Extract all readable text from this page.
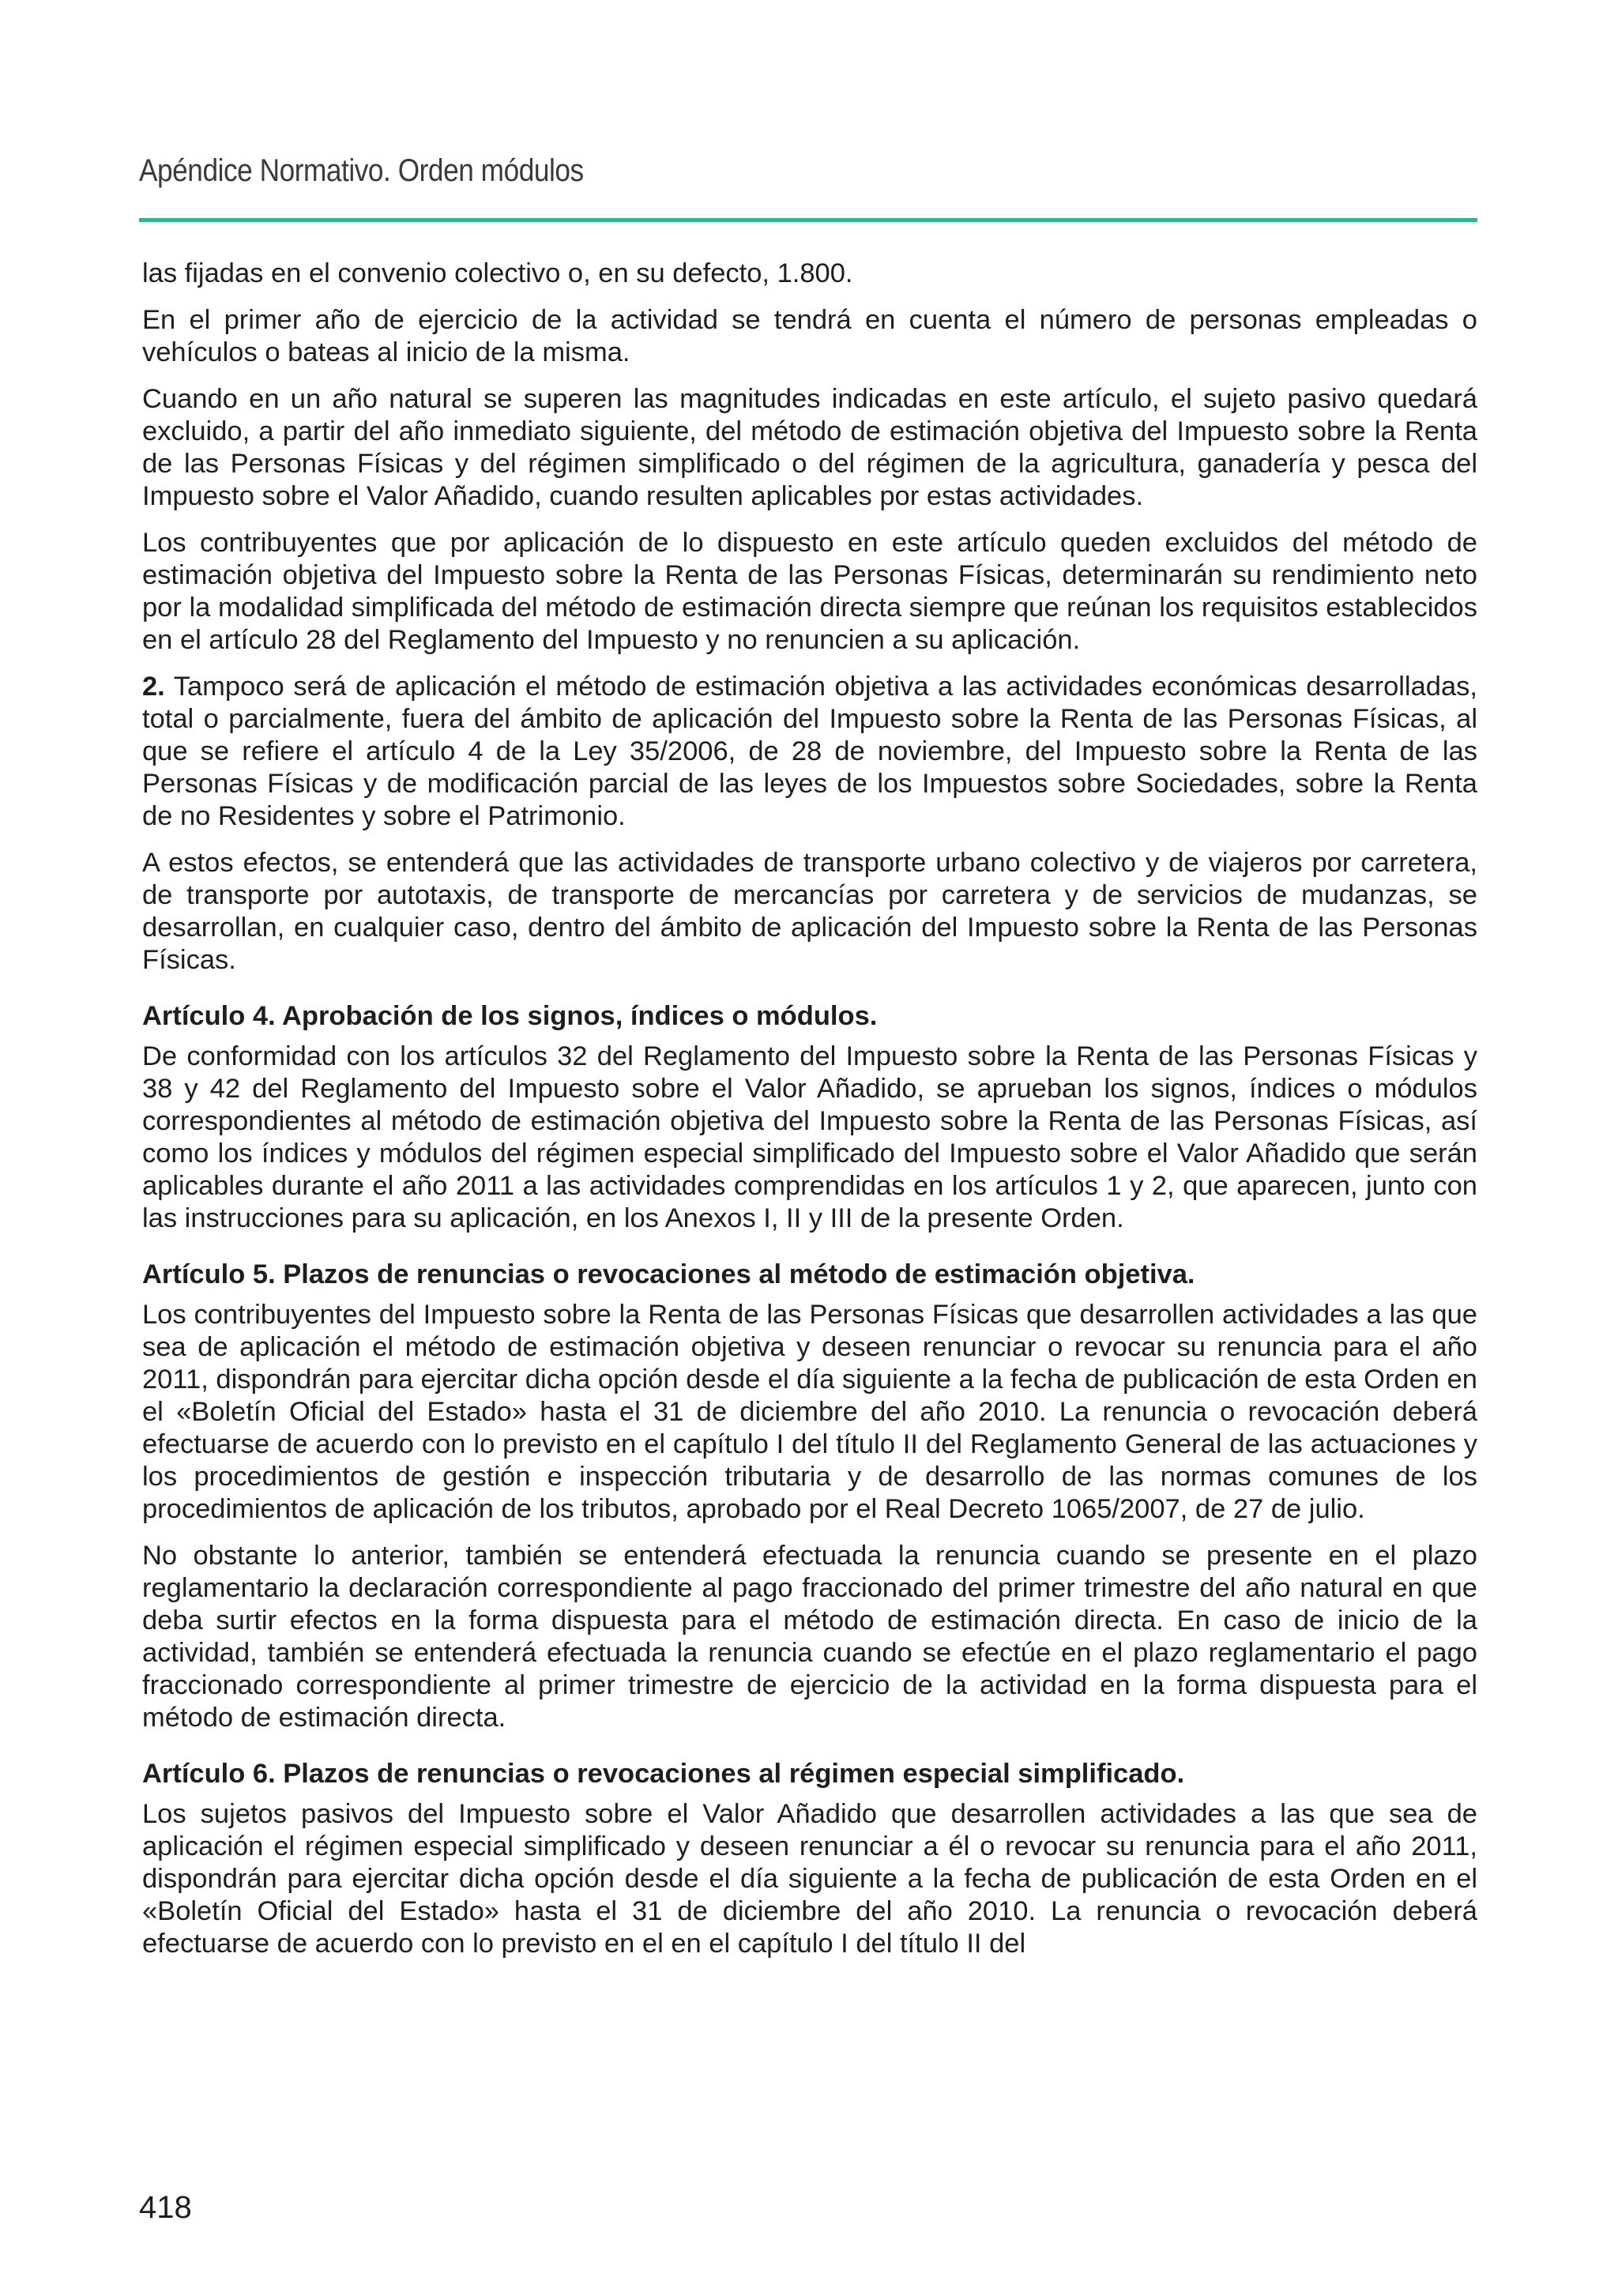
Apéndice Normativo. Orden módulos

las fijadas en el convenio colectivo o, en su defecto, 1.800.

En el primer año de ejercicio de la actividad se tendrá en cuenta el número de personas empleadas o vehículos o bateas al inicio de la misma.

Cuando en un año natural se superen las magnitudes indicadas en este artículo, el sujeto pasivo quedará excluido, a partir del año inmediato siguiente, del método de estimación objetiva del Impuesto sobre la Renta de las Personas Físicas y del régimen simplificado o del régimen de la agricultura, ganadería y pesca del Impuesto sobre el Valor Añadido, cuando resulten aplicables por estas actividades.

Los contribuyentes que por aplicación de lo dispuesto en este artículo queden excluidos del método de estimación objetiva del Impuesto sobre la Renta de las Personas Físicas, determinarán su rendimiento neto por la modalidad simplificada del método de estimación directa siempre que reúnan los requisitos establecidos en el artículo 28 del Reglamento del Impuesto y no renuncien a su aplicación.

2. Tampoco será de aplicación el método de estimación objetiva a las actividades económicas desarrolladas, total o parcialmente, fuera del ámbito de aplicación del Impuesto sobre la Renta de las Personas Físicas, al que se refiere el artículo 4 de la Ley 35/2006, de 28 de noviembre, del Impuesto sobre la Renta de las Personas Físicas y de modificación parcial de las leyes de los Impuestos sobre Sociedades, sobre la Renta de no Residentes y sobre el Patrimonio.

A estos efectos, se entenderá que las actividades de transporte urbano colectivo y de viajeros por carretera, de transporte por autotaxis, de transporte de mercancías por carretera y de servicios de mudanzas, se desarrollan, en cualquier caso, dentro del ámbito de aplicación del Impuesto sobre la Renta de las Personas Físicas.

Artículo 4. Aprobación de los signos, índices o módulos.

De conformidad con los artículos 32 del Reglamento del Impuesto sobre la Renta de las Personas Físicas y 38 y 42 del Reglamento del Impuesto sobre el Valor Añadido, se aprueban los signos, índices o módulos correspondientes al método de estimación objetiva del Impuesto sobre la Renta de las Personas Físicas, así como los índices y módulos del régimen especial simplificado del Impuesto sobre el Valor Añadido que serán aplicables durante el año 2011 a las actividades comprendidas en los artículos 1 y 2, que aparecen, junto con las instrucciones para su aplicación, en los Anexos I, II y III de la presente Orden.

Artículo 5. Plazos de renuncias o revocaciones al método de estimación objetiva.

Los contribuyentes del Impuesto sobre la Renta de las Personas Físicas que desarrollen actividades a las que sea de aplicación el método de estimación objetiva y deseen renunciar o revocar su renuncia para el año 2011, dispondrán para ejercitar dicha opción desde el día siguiente a la fecha de publicación de esta Orden en el «Boletín Oficial del Estado» hasta el 31 de diciembre del año 2010. La renuncia o revocación deberá efectuarse de acuerdo con lo previsto en el capítulo I del título II del Reglamento General de las actuaciones y los procedimientos de gestión e inspección tributaria y de desarrollo de las normas comunes de los procedimientos de aplicación de los tributos, aprobado por el Real Decreto 1065/2007, de 27 de julio.

No obstante lo anterior, también se entenderá efectuada la renuncia cuando se presente en el plazo reglamentario la declaración correspondiente al pago fraccionado del primer trimestre del año natural en que deba surtir efectos en la forma dispuesta para el método de estimación directa. En caso de inicio de la actividad, también se entenderá efectuada la renuncia cuando se efectúe en el plazo reglamentario el pago fraccionado correspondiente al primer trimestre de ejercicio de la actividad en la forma dispuesta para el método de estimación directa.

Artículo 6. Plazos de renuncias o revocaciones al régimen especial simplificado.

Los sujetos pasivos del Impuesto sobre el Valor Añadido que desarrollen actividades a las que sea de aplicación el régimen especial simplificado y deseen renunciar a él o revocar su renuncia para el año 2011, dispondrán para ejercitar dicha opción desde el día siguiente a la fecha de publicación de esta Orden en el «Boletín Oficial del Estado» hasta el 31 de diciembre del año 2010. La renuncia o revocación deberá efectuarse de acuerdo con lo previsto en el en el capítulo I del título II del

418
